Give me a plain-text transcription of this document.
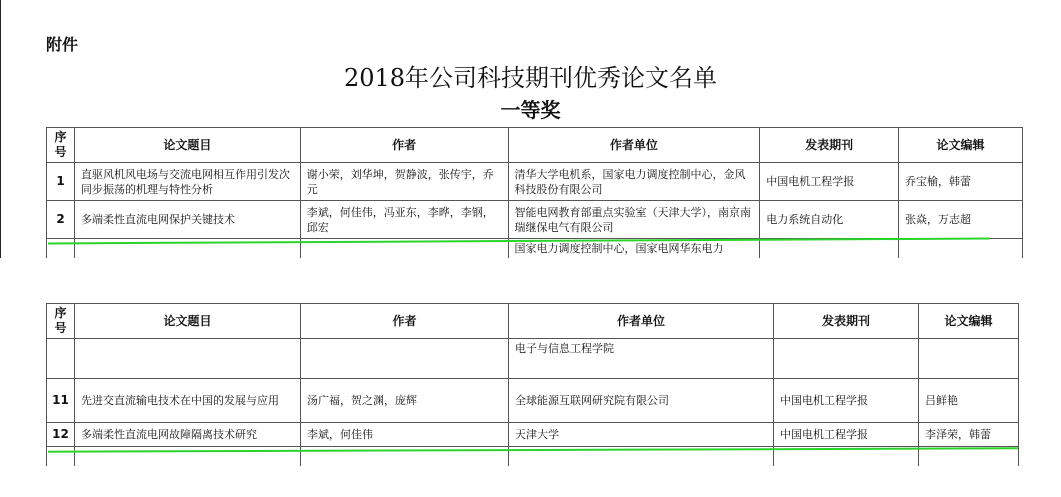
附件
2018年公司科技期刊优秀论文名单
一等奖
序号	论文题目	作者	作者单位	发表期刊	论文编辑
1	直驱风机风电场与交流电网相互作用引发次同步振荡的机理与特性分析	谢小荣，刘华坤，贺静波，张传宇，乔元	清华大学电机系，国家电力调度控制中心，金风科技股份有限公司	中国电机工程学报	乔宝榆，韩蕾
2	多端柔性直流电网保护关键技术	李斌，何佳伟，冯亚东，李晔，李钢，邱宏	智能电网教育部重点实验室（天津大学），南京南瑞继保电气有限公司	电力系统自动化	张焱，万志超
			国家电力调度控制中心，国家电网华东电力		
序号	论文题目	作者	作者单位	发表期刊	论文编辑
			电子与信息工程学院		
11	先进交直流输电技术在中国的发展与应用	汤广福，贺之渊，庞辉	全球能源互联网研究院有限公司	中国电机工程学报	吕鲜艳
12	多端柔性直流电网故障隔离技术研究	李斌，何佳伟	天津大学	中国电机工程学报	李泽荣，韩蕾
